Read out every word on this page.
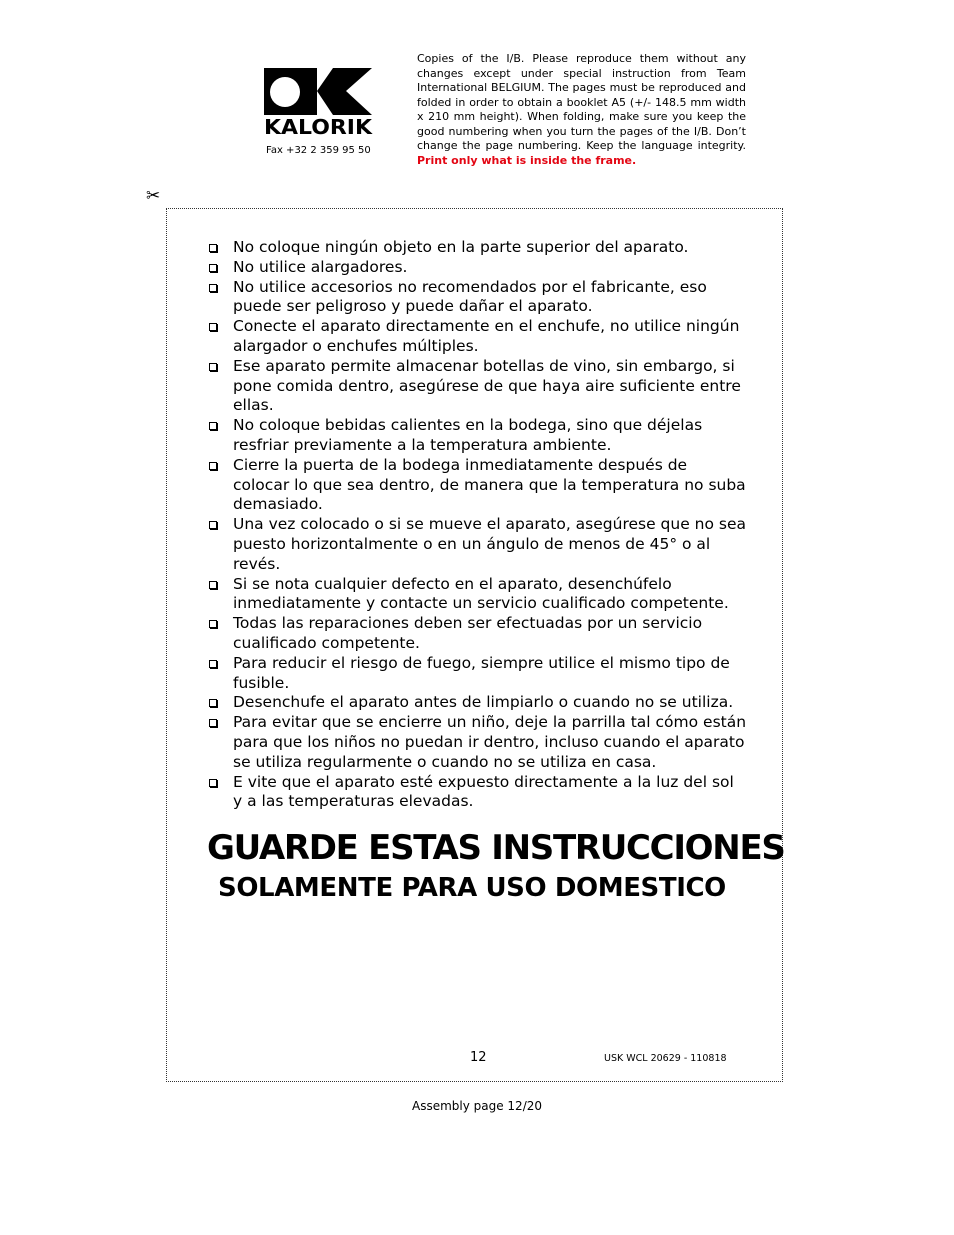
KALORIK
Fax +32 2 359 95 50
Copies of the I/B. Please reproduce them without any changes except under special instruction from Team International BELGIUM. The pages must be reproduced and folded in order to obtain a booklet A5 (+/- 148.5 mm width x 210 mm height). When folding, make sure you keep the good numbering when you turn the pages of the I/B. Don’t change the page numbering. Keep the language integrity. Print only what is inside the frame.
✂
No coloque ningún objeto en la parte superior del aparato.
No utilice alargadores.
No utilice accesorios no recomendados por el fabricante, eso puede ser peligroso y puede dañar el aparato.
Conecte el aparato directamente en el enchufe, no utilice ningún alargador o enchufes múltiples.
Ese aparato permite almacenar botellas de vino, sin embargo, si pone comida dentro, asegúrese de que haya aire suficiente entre ellas.
No coloque bebidas calientes en la bodega, sino que déjelas resfriar previamente a la temperatura ambiente.
Cierre la puerta de la bodega inmediatamente después de colocar lo que sea dentro, de manera que la temperatura no suba demasiado.
Una vez colocado o si se mueve el aparato, asegúrese que no sea puesto horizontalmente o en un ángulo de menos de 45° o al revés.
Si se nota cualquier defecto en el aparato, desenchúfelo inmediatamente y contacte un servicio cualificado competente.
Todas las reparaciones deben ser efectuadas por un servicio cualificado competente.
Para reducir el riesgo de fuego, siempre utilice el mismo tipo de fusible.
Desenchufe el aparato antes de limpiarlo o cuando no se utiliza.
Para evitar que se encierre un niño, deje la parrilla tal cómo están para que los niños no puedan ir dentro, incluso cuando el aparato se utiliza regularmente o cuando no se utiliza en casa.
E vite que el aparato esté expuesto directamente a la luz del sol y a las temperaturas elevadas.
GUARDE ESTAS INSTRUCCIONES
SOLAMENTE PARA USO DOMESTICO
12	USK WCL 20629 - 110818
Assembly page 12/20
